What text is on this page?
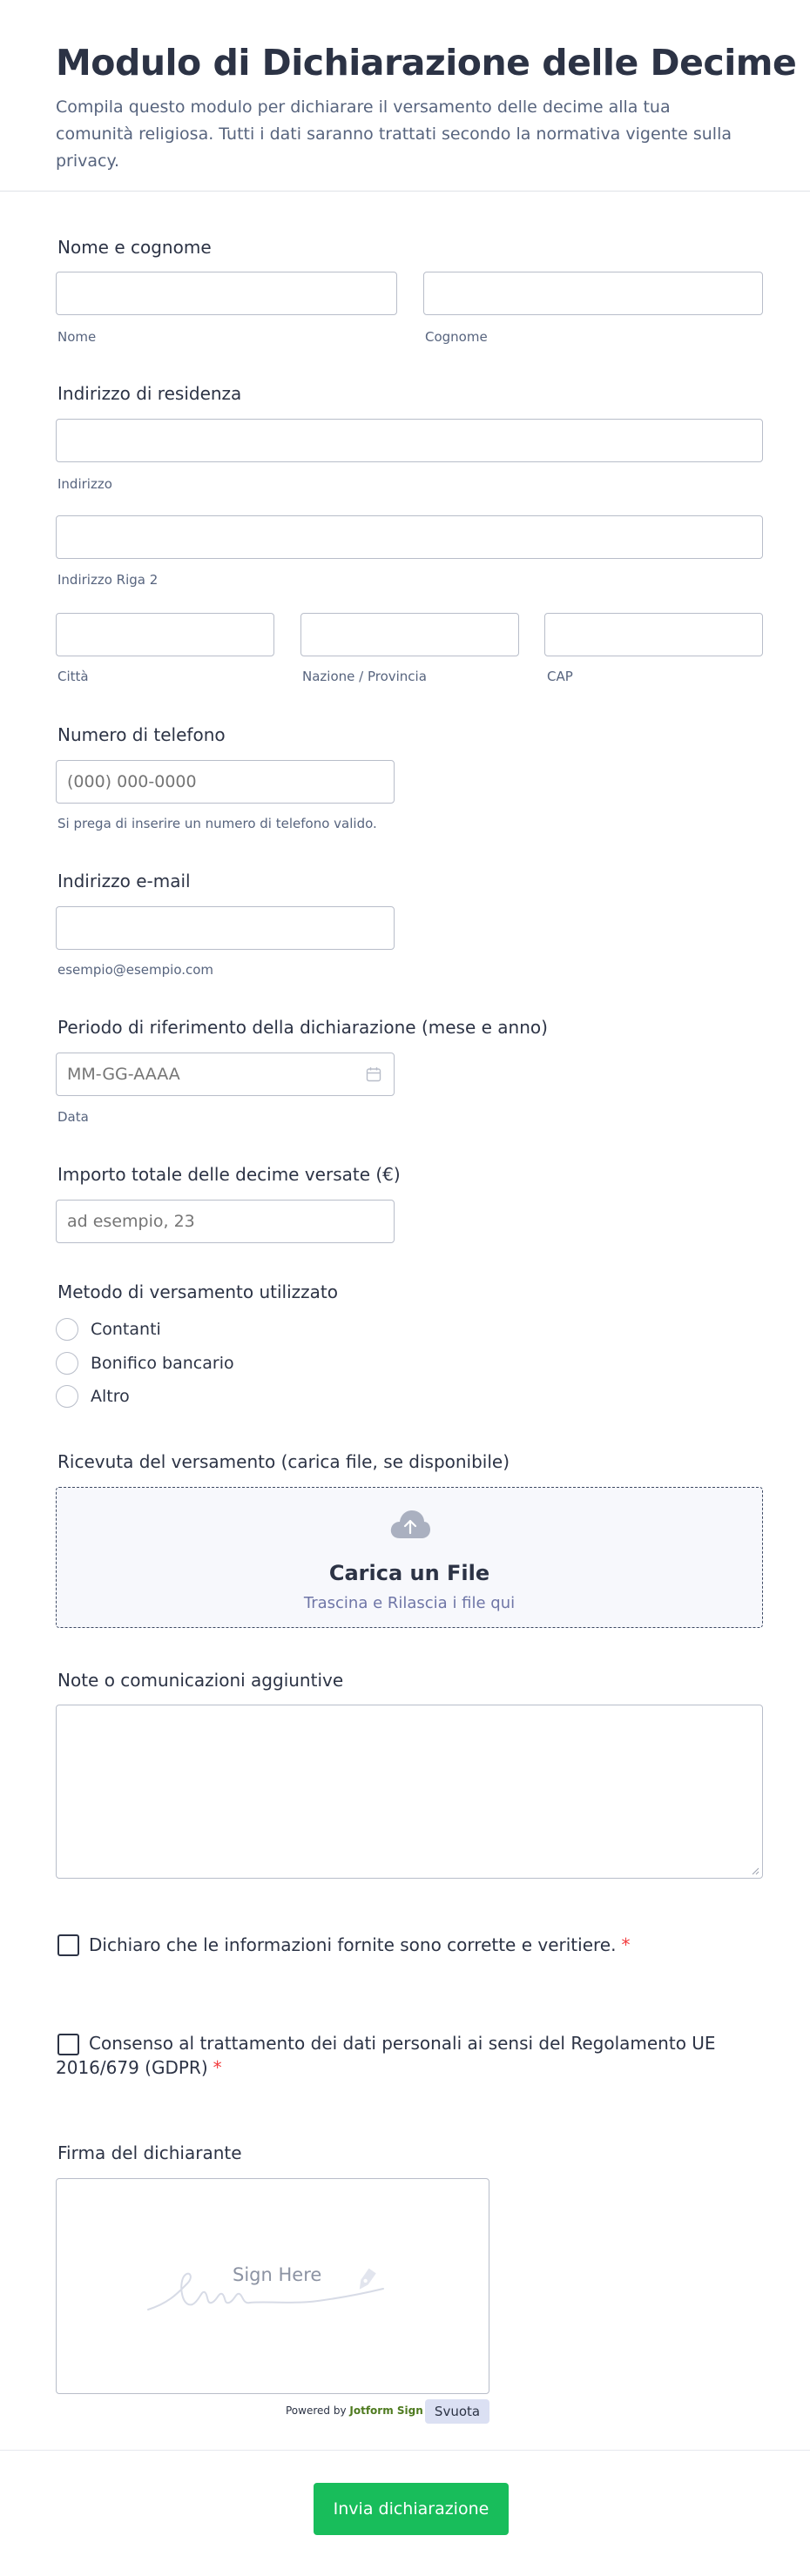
Modulo di Dichiarazione delle Decime

Compila questo modulo per dichiarare il versamento delle decime alla tua comunità religiosa. Tutti i dati saranno trattati secondo la normativa vigente sulla privacy.

Nome e cognome
Nome	Cognome
Indirizzo di residenza
Indirizzo
Indirizzo Riga 2
Città	Nazione / Provincia	CAP
Numero di telefono
(000) 000-0000
Si prega di inserire un numero di telefono valido.
Indirizzo e-mail
esempio@esempio.com
Periodo di riferimento della dichiarazione (mese e anno)
MM-GG-AAAA
Data
Importo totale delle decime versate (€)
ad esempio, 23
Metodo di versamento utilizzato
Contanti
Bonifico bancario
Altro
Ricevuta del versamento (carica file, se disponibile)
Carica un File
Trascina e Rilascia i file qui
Note o comunicazioni aggiuntive
Dichiaro che le informazioni fornite sono corrette e veritiere. *
Consenso al trattamento dei dati personali ai sensi del Regolamento UE
2016/679 (GDPR) *
Firma del dichiarante
Sign Here
Powered by Jotform Sign Svuota
Invia dichiarazione
